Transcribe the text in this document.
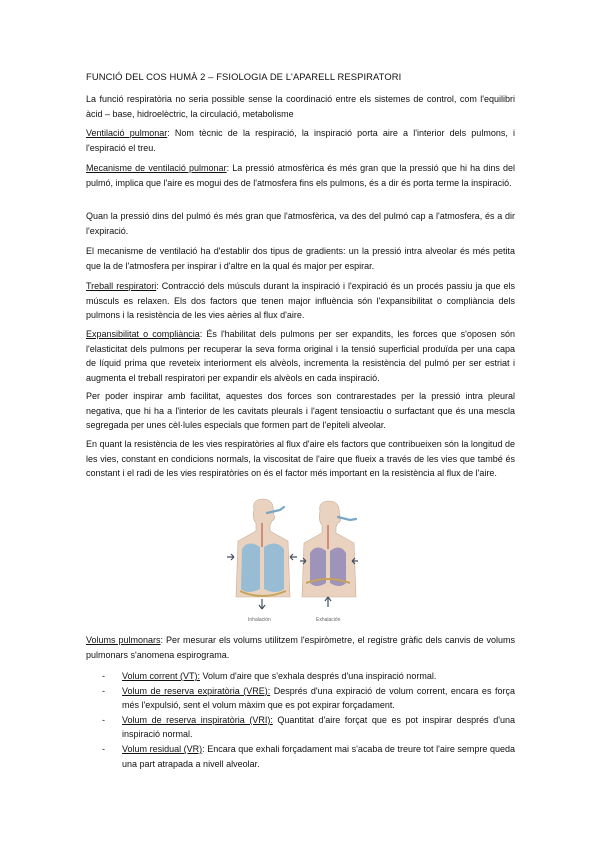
FUNCIÓ DEL COS HUMÀ 2 – FSIOLOGIA DE L'APARELL RESPIRATORI
La funció respiratòria no seria possible sense la coordinació entre els sistemes de control, com l'equilibri àcid – base, hidroelèctric, la circulació, metabolisme
Ventilació pulmonar: Nom tècnic de la respiració, la inspiració porta aire a l'interior dels pulmons, i l'espiració el treu.
Mecanisme de ventilació pulmonar: La pressió atmosfèrica és més gran que la pressió que hi ha dins del pulmó, implica que l'aire es mogui des de l'atmosfera fins els pulmons, és a dir és porta terme la inspiració.
Quan la pressió dins del pulmó és més gran que l'atmosfèrica, va des del pulmó cap a l'atmosfera, és a dir l'expiració.
El mecanisme de ventilació ha d'establir dos tipus de gradients: un la pressió intra alveolar és més petita que la de l'atmosfera per inspirar i d'altre en la qual és major per espirar.
Treball respiratori: Contracció dels músculs durant la inspiració i l'expiració és un procés passiu ja que els músculs es relaxen. Els dos factors que tenen major influència són l'expansibilitat o compliància dels pulmons i la resistència de les vies aèries al flux d'aire.
Expansibilitat o compliància: És l'habilitat dels pulmons per ser expandits, les forces que s'oposen són l'elasticitat dels pulmons per recuperar la seva forma original i la tensió superficial produïda per una capa de líquid prima que reveteix interiorment els alvèols, incrementa la resistència del pulmó per ser estriat i augmenta el treball respiratori per expandir els alvèols en cada inspiració.
Per poder inspirar amb facilitat, aquestes dos forces son contrarestades per la pressió intra pleural negativa, que hi ha a l'interior de les cavitats pleurals i l'agent tensioactiu o surfactant que és una mescla segregada per unes cèl·lules especials que formen part de l'epiteli alveolar.
En quant la resistència de les vies respiratòries al flux d'aire els factors que contribueixen són la longitud de les vies, constant en condicions normals, la viscositat de l'aire que flueix a través de les vies que també és constant i el radi de les vies respiratòries on és el factor més important en la resistència al flux de l'aire.
Inhalación	Exhalación
Volums pulmonars: Per mesurar els volums utilitzem l'espiròmetre, el registre gràfic dels canvis de volums pulmonars s'anomena espirograma.
- Volum corrent (VT): Volum d'aire que s'exhala després d'una inspiració normal.
- Volum de reserva expiratòria (VRE): Després d'una expiració de volum corrent, encara es força més l'expulsió, sent el volum màxim que es pot expirar forçadament.
- Volum de reserva inspiratòria (VRI): Quantitat d'aire forçat que es pot inspirar després d'una inspiració normal.
- Volum residual (VR): Encara que exhali forçadament mai s'acaba de treure tot l'aire sempre queda una part atrapada a nivell alveolar.
